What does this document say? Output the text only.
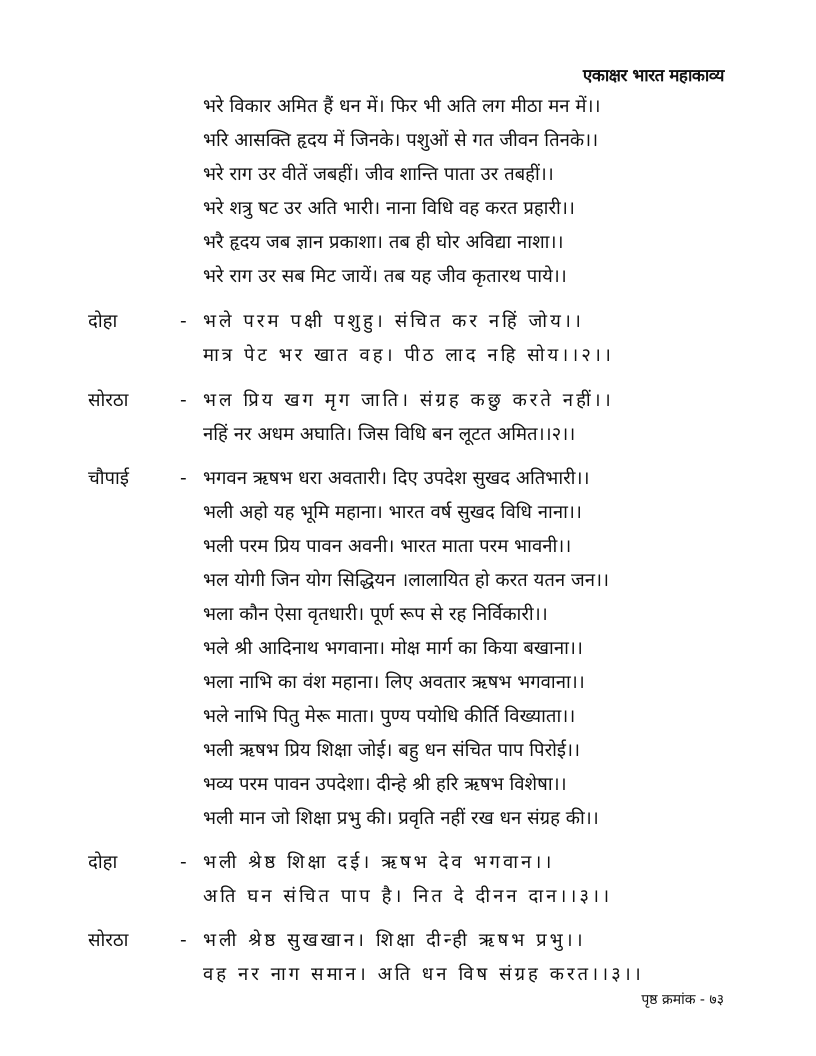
एकाक्षर भारत महाकाव्य
भरे विकार अमित हैं धन में। फिर भी अति लग मीठा मन में।।
भरि आसक्ति हृदय में जिनके। पशुओं से गत जीवन तिनके।।
भरे राग उर वीतें जबहीं। जीव शान्ति पाता उर तबहीं।।
भरे शत्रु षट उर अति भारी। नाना विधि वह करत प्रहारी।।
भरै हृदय जब ज्ञान प्रकाशा। तब ही घोर अविद्या नाशा।।
भरे राग उर सब मिट जायें। तब यह जीव कृतारथ पाये।।
दोहा	- भले परम पक्षी पशुहु। संचित कर नहिं जोय।।
मात्र पेट भर खात वह। पीठ लाद नहि सोय।।२।।
सोरठा	- भल प्रिय खग मृग जाति। संग्रह कछु करते नहीं।।
नहिं नर अधम अघाति। जिस विधि बन लूटत अमित।।२।।
चौपाई	- भगवन ऋषभ धरा अवतारी। दिए उपदेश सुखद अतिभारी।।
भली अहो यह भूमि महाना। भारत वर्ष सुखद विधि नाना।।
भली परम प्रिय पावन अवनी। भारत माता परम भावनी।।
भल योगी जिन योग सिद्धियन ।लालायित हो करत यतन जन।।
भला कौन ऐसा वृतधारी। पूर्ण रूप से रह निर्विकारी।।
भले श्री आदिनाथ भगवाना। मोक्ष मार्ग का किया बखाना।।
भला नाभि का वंश महाना। लिए अवतार ऋषभ भगवाना।।
भले नाभि पितु मेरू माता। पुण्य पयोधि कीर्ति विख्याता।।
भली ऋषभ प्रिय शिक्षा जोई। बहु धन संचित पाप पिरोई।।
भव्य परम पावन उपदेशा। दीन्हे श्री हरि ऋषभ विशेषा।।
भली मान जो शिक्षा प्रभु की। प्रवृति नहीं रख धन संग्रह की।।
दोहा	- भली श्रेष्ठ शिक्षा दई। ऋषभ देव भगवान।।
अति घन संचित पाप है। नित दे दीनन दान।।३।।
सोरठा	- भली श्रेष्ठ सुखखान। शिक्षा दीन्ही ऋषभ प्रभु।।
वह नर नाग समान। अति धन विष संग्रह करत।।३।।
पृष्ठ क्रमांक - ७३
